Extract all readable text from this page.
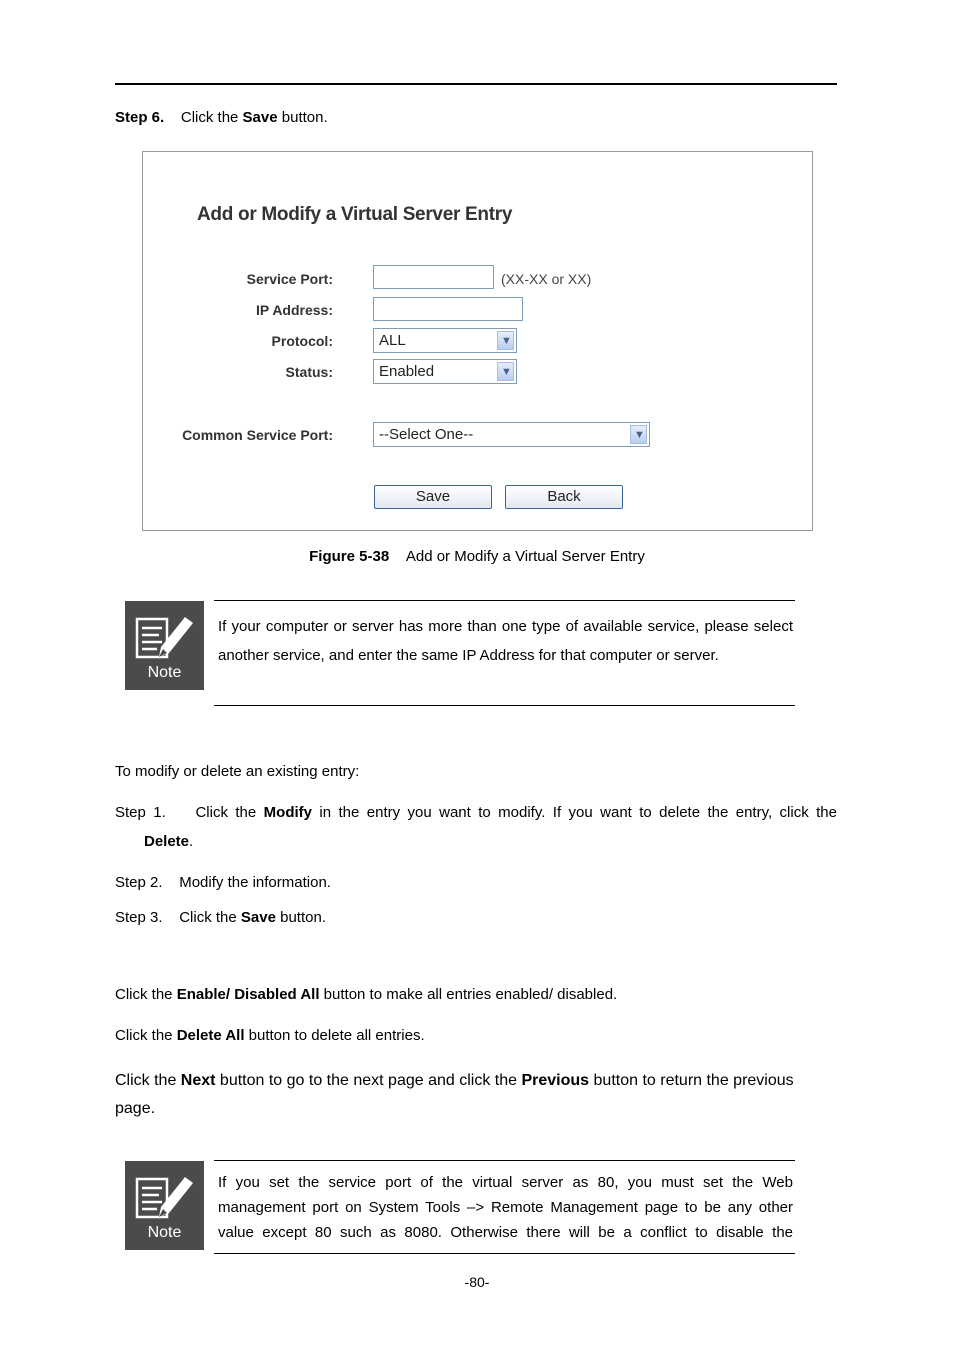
Step 6. Click the Save button.
Add or Modify a Virtual Server Entry
Service Port:	(XX-XX or XX)
IP Address:
Protocol:	ALL	▼
Status:	Enabled	▼
Common Service Port:	--Select One--	▼
Save	Back
Figure 5-38 Add or Modify a Virtual Server Entry
Note
If your computer or server has more than one type of available service, please select another service, and enter the same IP Address for that computer or server.
To modify or delete an existing entry:
Step 1. Click the Modify in the entry you want to modify. If you want to delete the entry, click the
Delete.
Step 2. Modify the information.
Step 3. Click the Save button.
Click the Enable/ Disabled All button to make all entries enabled/ disabled.
Click the Delete All button to delete all entries.
Click the Next button to go to the next page and click the Previous button to return the previous
page.
Note
If you set the service port of the virtual server as 80, you must set the Web
management port on System Tools –> Remote Management page to be any other
value except 80 such as 8080. Otherwise there will be a conflict to disable the
-80-
